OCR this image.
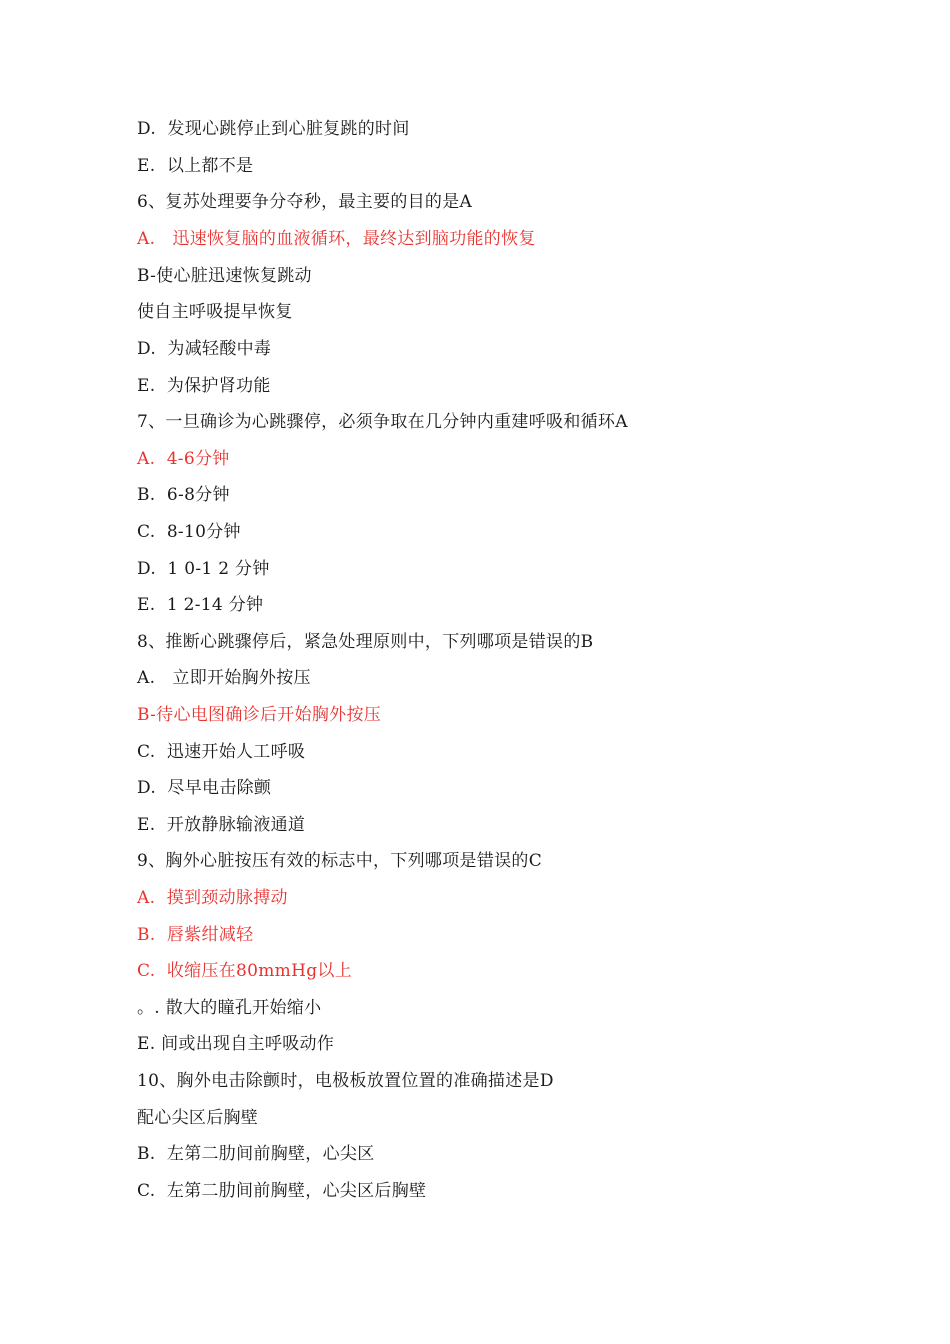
D.  发现心跳停止到心脏复跳的时间
E.  以上都不是
6、复苏处理要争分夺秒，最主要的目的是A
A.   迅速恢复脑的血液循环，最终达到脑功能的恢复
B-使心脏迅速恢复跳动
使自主呼吸提早恢复
D.  为减轻酸中毒
E.  为保护肾功能
7、一旦确诊为心跳骤停，必须争取在几分钟内重建呼吸和循环A
A.  4-6分钟
B.  6-8分钟
C.  8-10分钟
D.  1 0-1 2 分钟
E.  1 2-14 分钟
8、推断心跳骤停后，紧急处理原则中，下列哪项是错误的B
A.   立即开始胸外按压
B-待心电图确诊后开始胸外按压
C.  迅速开始人工呼吸
D.  尽早电击除颤
E.  开放静脉输液通道
9、胸外心脏按压有效的标志中，下列哪项是错误的C
A.  摸到颈动脉搏动
B.  唇紫绀减轻
C.  收缩压在80mmHg以上
。. 散大的瞳孔开始缩小
E. 间或出现自主呼吸动作
10、胸外电击除颤时，电极板放置位置的准确描述是D
配心尖区后胸壁
B.  左第二肋间前胸壁，心尖区
C.  左第二肋间前胸壁，心尖区后胸壁
